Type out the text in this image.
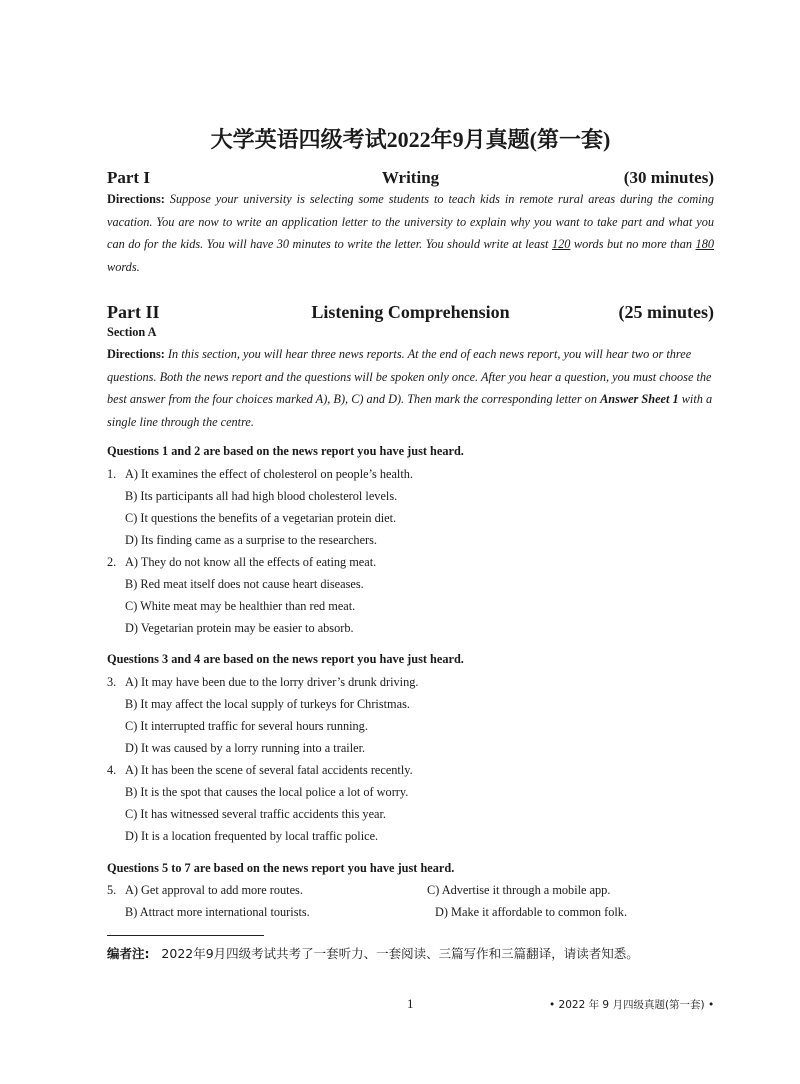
大学英语四级考试2022年9月真题(第一套)
Part I	Writing	(30 minutes)
Directions: Suppose your university is selecting some students to teach kids in remote rural areas during the coming vacation. You are now to write an application letter to the university to explain why you want to take part and what you can do for the kids. You will have 30 minutes to write the letter. You should write at least 120 words but no more than 180 words.
Part II	Listening Comprehension	(25 minutes)
Section A
Directions: In this section, you will hear three news reports. At the end of each news report, you will hear two or three questions. Both the news report and the questions will be spoken only once. After you hear a question, you must choose the best answer from the four choices marked A), B), C) and D). Then mark the corresponding letter on Answer Sheet 1 with a single line through the centre.
Questions 1 and 2 are based on the news report you have just heard.
1. A) It examines the effect of cholesterol on people’s health.
B) Its participants all had high blood cholesterol levels.
C) It questions the benefits of a vegetarian protein diet.
D) Its finding came as a surprise to the researchers.
2. A) They do not know all the effects of eating meat.
B) Red meat itself does not cause heart diseases.
C) White meat may be healthier than red meat.
D) Vegetarian protein may be easier to absorb.
Questions 3 and 4 are based on the news report you have just heard.
3. A) It may have been due to the lorry driver’s drunk driving.
B) It may affect the local supply of turkeys for Christmas.
C) It interrupted traffic for several hours running.
D) It was caused by a lorry running into a trailer.
4. A) It has been the scene of several fatal accidents recently.
B) It is the spot that causes the local police a lot of worry.
C) It has witnessed several traffic accidents this year.
D) It is a location frequented by local traffic police.
Questions 5 to 7 are based on the news report you have just heard.
5. A) Get approval to add more routes.	C) Advertise it through a mobile app.
B) Attract more international tourists.	D) Make it affordable to common folk.
编者注: 2022年9月四级考试共考了一套听力、一套阅读、三篇写作和三篇翻译，请读者知悉。
1	• 2022 年 9 月四级真题(第一套) •
